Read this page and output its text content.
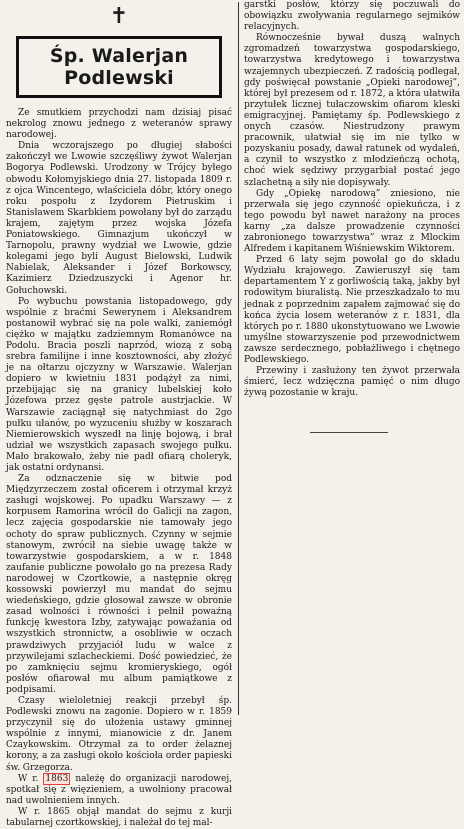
✝
Śp. Walerjan Podlewski

Ze smutkiem przychodzi nam dzisiaj pisać nekrolog znowu jednego z weteranów sprawy narodowej.

Dnia wczorajszego po długiej słabości zakończył we Lwowie szczęśliwy żywot Walerjan Bogorya Podlewski. Urodzony w Trójcy byłego obwodu Kołomyjskiego dnia 27. listopada 1809 r. z ojca Wincentego, właściciela dóbr, który onego roku pospołu z Izydorem Pietruskim i Stanisławem Skarbkiem powołany był do zarządu krajem, zajętym przez wojska Józefa Poniatowskiego. Gimnazjum ukończył w Tarnopolu, prawny wydział we Lwowie, gdzie kolegami jego byli August Bielowski, Ludwik Nabielak, Aleksander i Józef Borkowscy, Kazimierz Dziedzuszycki i Agenor hr. Gołuchowski.

Po wybuchu powstania listopadowego, gdy wspólnie z braćmi Sewerynem i Aleksandrem postanowił wybrać się na pole walki, zaniemógł ciężko w majątku zadziemnym Romanówce na Podolu. Bracia poszli naprzód, wiozą z sobą srebra familijne i inne kosztowności, aby złożyć je na ołtarzu ojczyzny w Warszawie. Walerjan dopiero w kwietniu 1831 podążył za nimi, przebijając się na granicy lubelskiej koło Józefowa przez gęste patrole austrjackie. W Warszawie zaciągnął się natychmiast do 2go pułku ułanów, po wyzuceniu służby w koszarach Niemierowskich wyszedł na linję bojową, i brał udział we wszystkich zapasach swojego pułku. Mało brakowało, żeby nie padł ofiarą choleryk, jak ostatni ordynansi.

Za odznaczenie się w bitwie pod Międzyrzeczem został oficerem i otrzymał krzyż zasługi wojskowej. Po upadku Warszawy — z korpusem Ramorina wrócił do Galicji na zagon, lecz zajęcia gospodarskie nie tamowały jego ochoty do spraw publicznych. Czynny w sejmie stanowym, zwrócił na siebie uwagę także w towarzystwie gospodarskiem, a w r. 1848 zaufanie publiczne powołało go na prezesa Rady narodowej w Czortkowie, a następnie okręg kossowski powierzył mu mandat do sejmu wiedeńskiego, gdzie głosował zawsze w obronie zasad wolności i równości i pełnił powaźną funkcję kwestora Izby, zatywając powaźania od wszystkich stronnictw, a osobliwie w oczach prawdziwych przyjaciół ludu w walce z przywilejami szlacheckiemi. Dość powiedzieć, że po zamknięciu sejmu kromieryskiego, ogół posłów ofiarował mu album pamiątkowe z podpisami.

Czasy wieloletniej reakcji przebył śp. Podlewski znowu na zagonie. Dopiero w r. 1859 przyczynił się do ułożenia ustawy gminnej wspólnie z innymi, mianowicie z dr. Janem Czaykowskim. Otrzymał za to order żelaznej korony, a za zasługi około kościoła order papieski św. Grzegorza.

W r. 1863 należę do organizacji narodowej, spotkał się z więzieniem, a uwolniony pracował nad uwolnieniem innych.

W r. 1865 objął mandat do sejmu z kurji tabularnej czortkowskiej, i należał do tej mal-

garstki posłów, którzy się poczuwali do obowiązku zwoływania regularnego sejmików relacyjnych.

Równocześnie bywał duszą walnych zgromadzeń towarzystwa gospodarskiego, towarzystwa kredytowego i towarzystwa wzajemnych ubezpieczeń. Z radością podlegał, gdy poświęcał powstanie „Opieki narodowej”, której był prezesem od r. 1872, a która ułatwiła przytułek licznej tułaczowskim ofiarom kleski emigracyjnej. Pamiętamy śp. Podlewskiego z onych czasów. Niestrudzony prawym pracownik, ułatwiał się im nie tylko w pozyskaniu posady, dawał ratunek od wydaleń, a czynił to wszystko z młodzieńczą ochotą, choć wiek sędziwy przygarbiał postać jego szlachetną a siły nie dopisywały.

Gdy „Opiekę narodową” zniesiono, nie przerwała się jego czynność opiekuńcza, i z tego powodu był nawet narażony na proces karny „za dalsze prowadzenie czynności zabronionego towarzystwa” wraz z Mlockim Alfredem i kapitanem Wiśniewskim Wiktorem.

Przed 6 laty sejm powołał go do składu Wydziału krajowego. Zawieruszył się tam departamentem Y z gorliwością taką, jakby był rodowitym biuralistą. Nie przeszkadzało to mu jednak z poprzednim zapałem zajmować się do końca życia losem weteranów z r. 1831, dla których po r. 1880 ukonstytuowano we Lwowie umyślne stowarzyszenie pod przewodnictwem zawsze serdecznego, pobłażliwego i chętnego Podlewskiego.

Przewiny i zasłużony ten żywot przerwała śmierć, lecz wdzięczna pamięć o nim długo żywą pozostanie w kraju.
